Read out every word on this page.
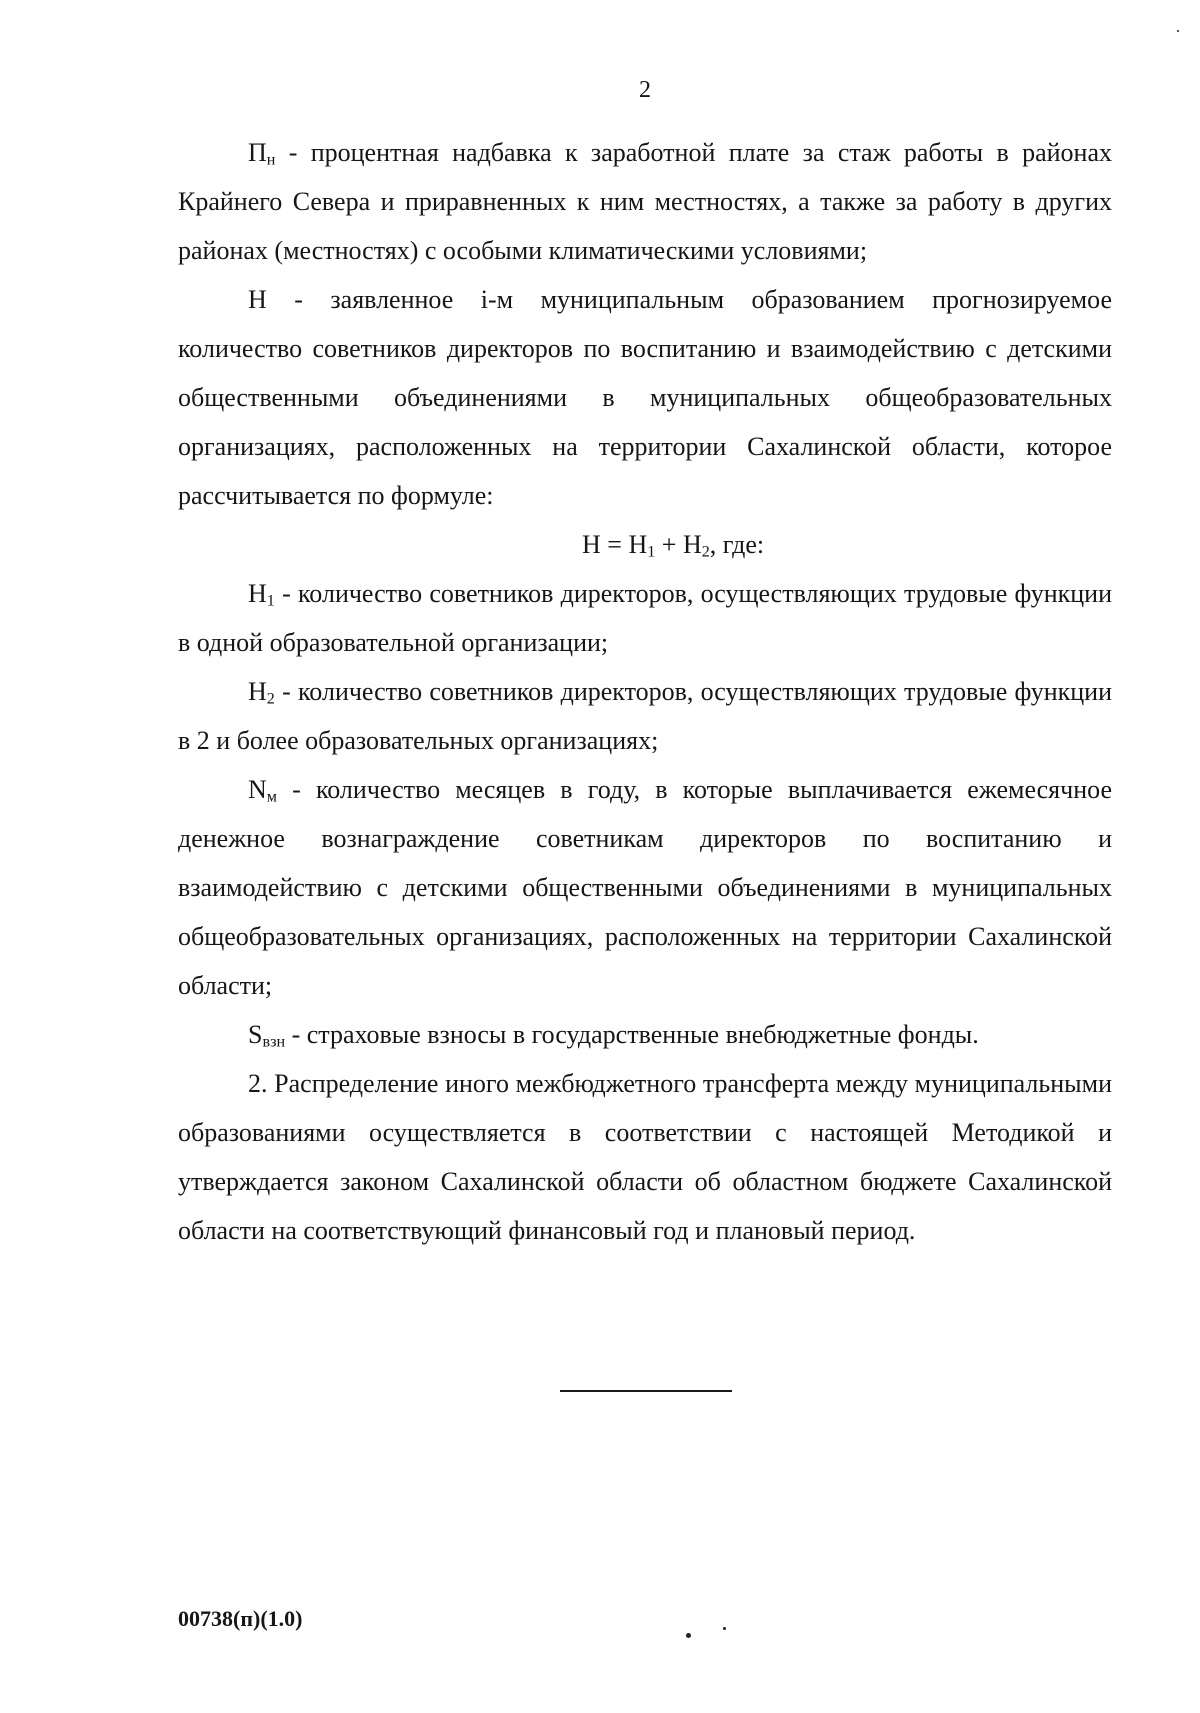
2

$П_н$ - процентная надбавка к заработной плате за стаж работы в районах Крайнего Севера и приравненных к ним местностях, а также за работу в других районах (местностях) с особыми климатическими условиями;

Н - заявленное i-м муниципальным образованием прогнозируемое количество советников директоров по воспитанию и взаимодействию с детскими общественными объединениями в муниципальных общеобразовательных организациях, расположенных на территории Сахалинской области, которое рассчитывается по формуле:

$Н = Н_1 + Н_2$, где:

$Н_1$ - количество советников директоров, осуществляющих трудовые функции в одной образовательной организации;

$Н_2$ - количество советников директоров, осуществляющих трудовые функции в 2 и более образовательных организациях;

$N_м$ - количество месяцев в году, в которые выплачивается ежемесячное денежное вознаграждение советникам директоров по воспитанию и взаимодействию с детскими общественными объединениями в муниципальных общеобразовательных организациях, расположенных на территории Сахалинской области;

$S_{взн}$ - страховые взносы в государственные внебюджетные фонды.

2. Распределение иного межбюджетного трансферта между муниципальными образованиями осуществляется в соответствии с настоящей Методикой и утверждается законом Сахалинской области об областном бюджете Сахалинской области на соответствующий финансовый год и плановый период.

00738(п)(1.0)
